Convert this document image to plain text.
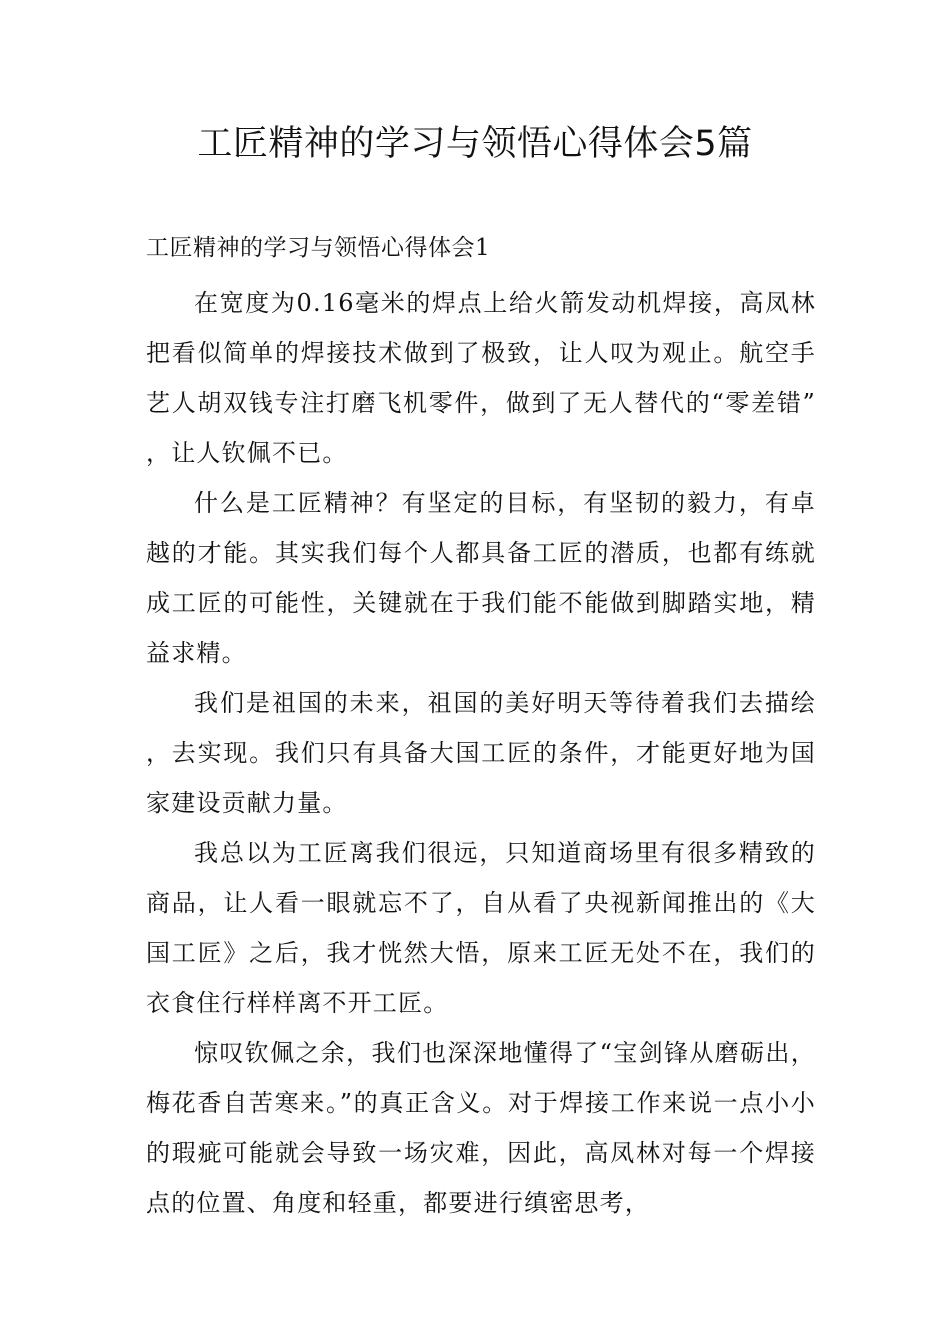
工匠精神的学习与领悟心得体会5篇
工匠精神的学习与领悟心得体会1

在宽度为0.16毫米的焊点上给火箭发动机焊接，高凤林把看似简单的焊接技术做到了极致，让人叹为观止。航空手艺人胡双钱专注打磨飞机零件，做到了无人替代的“零差错”，让人钦佩不已。

什么是工匠精神？有坚定的目标，有坚韧的毅力，有卓越的才能。其实我们每个人都具备工匠的潜质，也都有练就成工匠的可能性，关键就在于我们能不能做到脚踏实地，精益求精。

我们是祖国的未来，祖国的美好明天等待着我们去描绘，去实现。我们只有具备大国工匠的条件，才能更好地为国家建设贡献力量。

我总以为工匠离我们很远，只知道商场里有很多精致的商品，让人看一眼就忘不了，自从看了央视新闻推出的《大国工匠》之后，我才恍然大悟，原来工匠无处不在，我们的衣食住行样样离不开工匠。

惊叹钦佩之余，我们也深深地懂得了“宝剑锋从磨砺出，梅花香自苦寒来。”的真正含义。对于焊接工作来说一点小小的瑕疵可能就会导致一场灾难，因此，高凤林对每一个焊接点的位置、角度和轻重，都要进行缜密思考，
